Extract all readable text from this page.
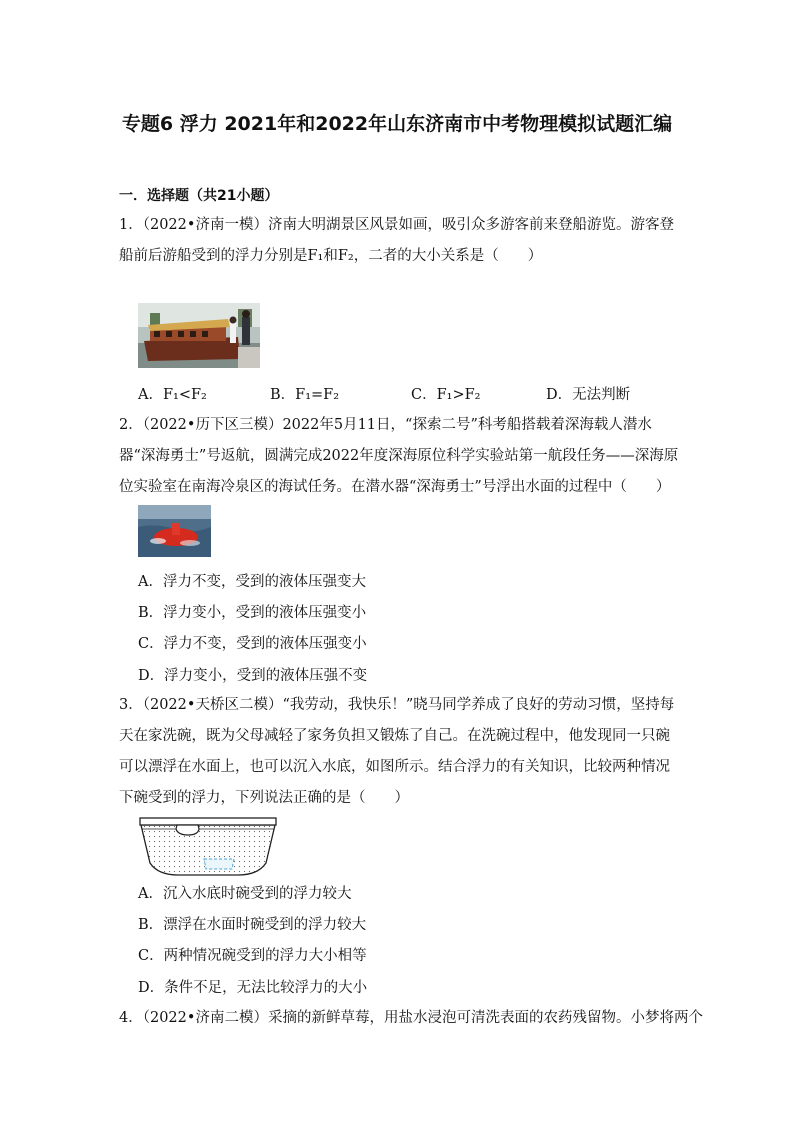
专题6 浮力 2021年和2022年山东济南市中考物理模拟试题汇编
一．选择题（共21小题）
1．（2022•济南一模）济南大明湖景区风景如画，吸引众多游客前来登船游览。游客登船前后游船受到的浮力分别是F₁和F₂，二者的大小关系是（　　）
A．F₁<F₂	B．F₁=F₂	C．F₁>F₂	D．无法判断
2．（2022•历下区三模）2022年5月11日，“探索二号”科考船搭载着深海载人潜水器“深海勇士”号返航，圆满完成2022年度深海原位科学实验站第一航段任务——深海原位实验室在南海冷泉区的海试任务。在潜水器“深海勇士”号浮出水面的过程中（　　）
A．浮力不变，受到的液体压强变大
B．浮力变小，受到的液体压强变小
C．浮力不变，受到的液体压强变小
D．浮力变小，受到的液体压强不变
3．（2022•天桥区二模）“我劳动，我快乐！”晓马同学养成了良好的劳动习惯，坚持每天在家洗碗，既为父母减轻了家务负担又锻炼了自己。在洗碗过程中，他发现同一只碗可以漂浮在水面上，也可以沉入水底，如图所示。结合浮力的有关知识，比较两种情况下碗受到的浮力，下列说法正确的是（　　）
A．沉入水底时碗受到的浮力较大
B．漂浮在水面时碗受到的浮力较大
C．两种情况碗受到的浮力大小相等
D．条件不足，无法比较浮力的大小
4．（2022•济南二模）采摘的新鲜草莓，用盐水浸泡可清洗表面的农药残留物。小梦将两个
